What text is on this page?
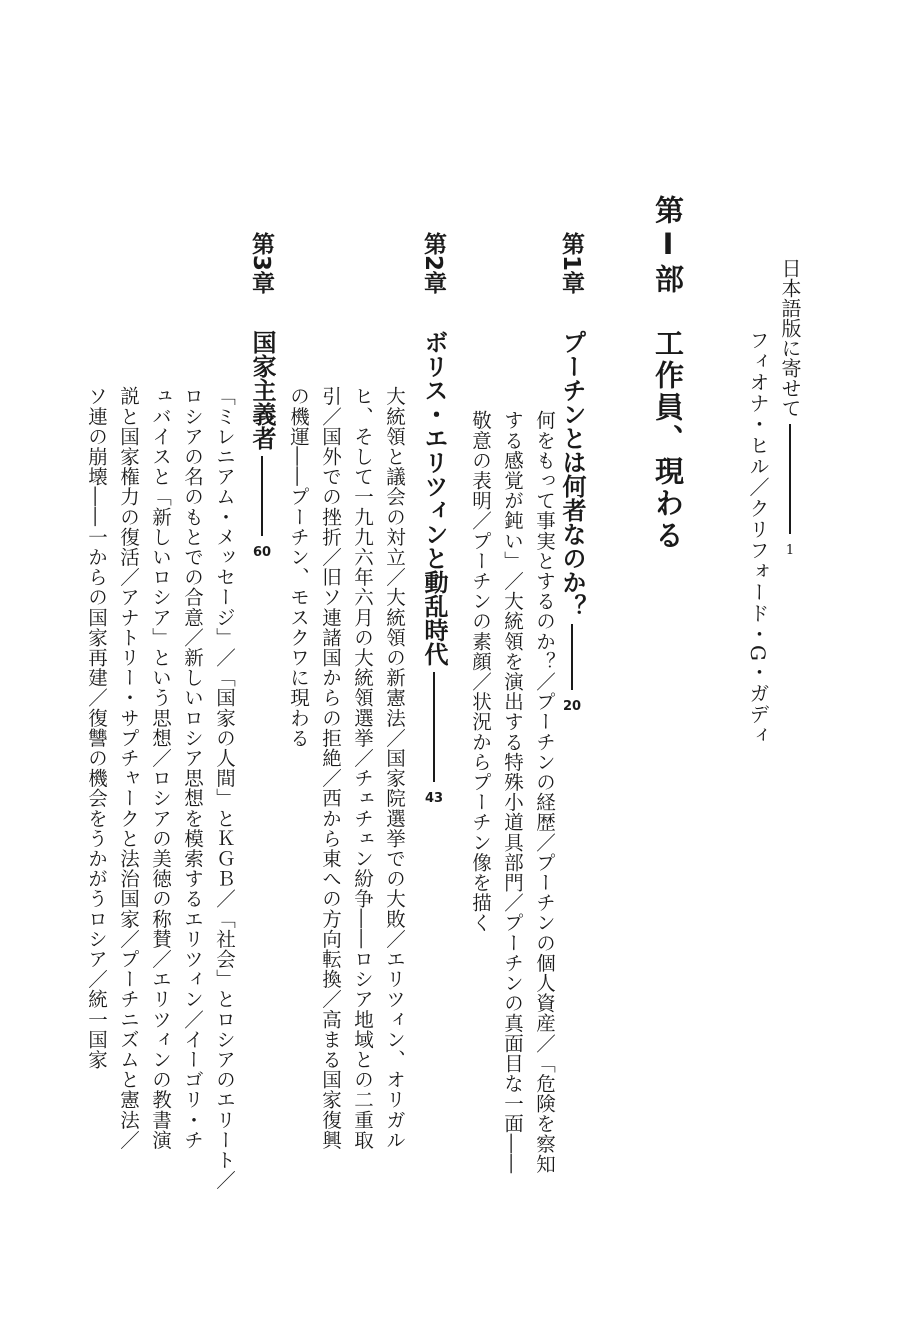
日本語版に寄せて1
フィオナ・ヒル／クリフォード・G・ガディ
第Ⅰ部
工作員、現わる
第1章
プーチンとは何者なのか？20
何をもって事実とするのか？／プーチンの経歴／プーチンの個人資産／「危険を察知
する感覚が鈍い」／大統領を演出する特殊小道具部門／プーチンの真面目な一面――
敬意の表明／プーチンの素顔／状況からプーチン像を描く
第2章
ボリス・エリツィンと動乱時代43
大統領と議会の対立／大統領の新憲法／国家院選挙での大敗／エリツィン、オリガル
ヒ、そして一九九六年六月の大統領選挙／チェチェン紛争――ロシア地域との二重取
引／国外での挫折／旧ソ連諸国からの拒絶／西から東への方向転換／高まる国家復興
の機運――プーチン、モスクワに現わる
第3章
国家主義者60
「ミレニアム・メッセージ」／「国家の人間」とＫＧＢ／「社会」とロシアのエリート／
ロシアの名のもとでの合意／新しいロシア思想を模索するエリツィン／イーゴリ・チ
ュバイスと「新しいロシア」という思想／ロシアの美徳の称賛／エリツィンの教書演
説と国家権力の復活／アナトリー・サプチャークと法治国家／プーチニズムと憲法／
ソ連の崩壊――一からの国家再建／復讐の機会をうかがうロシア／統一国家
